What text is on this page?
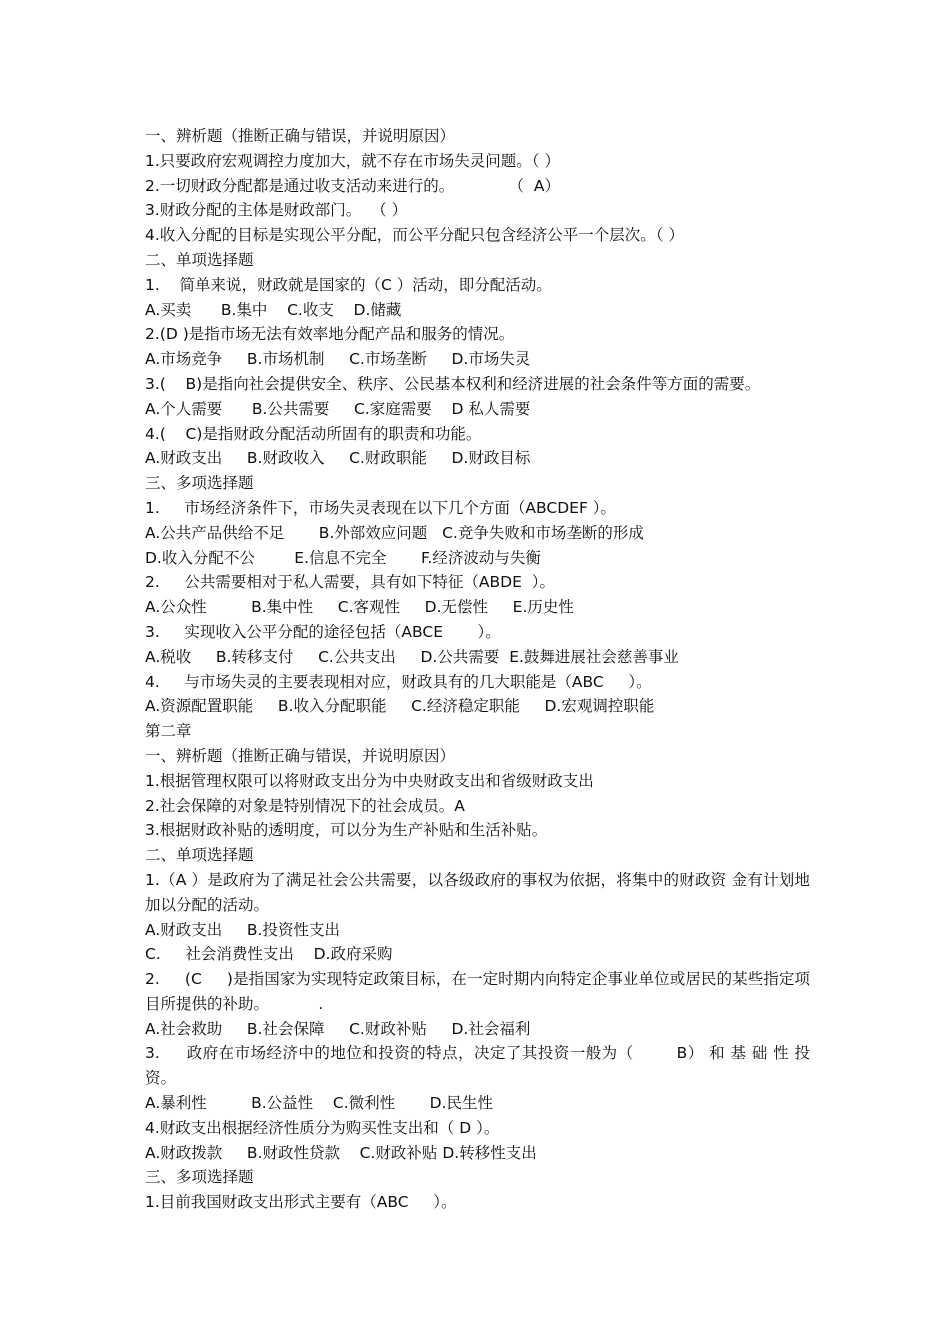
一、辨析题（推断正确与错误，并说明原因）
1.只要政府宏观调控力度加大，就不存在市场失灵问题。（ ）
2.一切财政分配都是通过收支活动来进行的。           （  A）
3.财政分配的主体是财政部门。  （ ）
4.收入分配的目标是实现公平分配，而公平分配只包含经济公平一个层次。（ ）
二、单项选择题
1.    简单来说，财政就是国家的（C ）活动，即分配活动。
A.买卖      B.集中    C.收支    D.储藏
2.(D )是指市场无法有效率地分配产品和服务的情况。
A.市场竞争     B.市场机制     C.市场垄断     D.市场失灵
3.(    B)是指向社会提供安全、秩序、公民基本权利和经济进展的社会条件等方面的需要。
A.个人需要      B.公共需要     C.家庭需要    D 私人需要
4.(    C)是指财政分配活动所固有的职责和功能。
A.财政支出     B.财政收入     C.财政职能     D.财政目标
三、多项选择题
1.     市场经济条件下，市场失灵表现在以下几个方面（ABCDEF ）。
A.公共产品供给不足       B.外部效应问题   C.竞争失败和市场垄断的形成
D.收入分配不公        E.信息不完全       F.经济波动与失衡
2.     公共需要相对于私人需要，具有如下特征（ABDE  ）。
A.公众性         B.集中性     C.客观性     D.无偿性     E.历史性
3.     实现收入公平分配的途径包括（ABCE       ）。
A.税收     B.转移支付     C.公共支出     D.公共需要  E.鼓舞进展社会慈善事业
4.     与市场失灵的主要表现相对应，财政具有的几大职能是（ABC     ）。
A.资源配置职能     B.收入分配职能     C.经济稳定职能     D.宏观调控职能
第二章
一、辨析题（推断正确与错误，并说明原因）
1.根据管理权限可以将财政支出分为中央财政支出和省级财政支出
2.社会保障的对象是特别情况下的社会成员。A
3.根据财政补贴的透明度，可以分为生产补贴和生活补贴。
二、单项选择题
1.（A ）是政府为了满足社会公共需要，以各级政府的事权为依据，将集中的财政资 金有计划地加以分配的活动。
A.财政支出     B.投资性支出
C.     社会消费性支出    D.政府采购
2.     (C     )是指国家为实现特定政策目标，在一定时期内向特定企事业单位或居民的某些指定项目所提供的补助。          .
A.社会救助     B.社会保障     C.财政补贴     D.社会福利
3.     政府在市场经济中的地位和投资的特点，决定了其投资一般为（        B） 和 基 础 性 投资。
A.暴利性         B.公益性    C.微利性       D.民生性
4.财政支出根据经济性质分为购买性支出和（ D ）。
A.财政拨款     B.财政性贷款    C.财政补贴 D.转移性支出
三、多项选择题
1.目前我国财政支出形式主要有（ABC     ）。
